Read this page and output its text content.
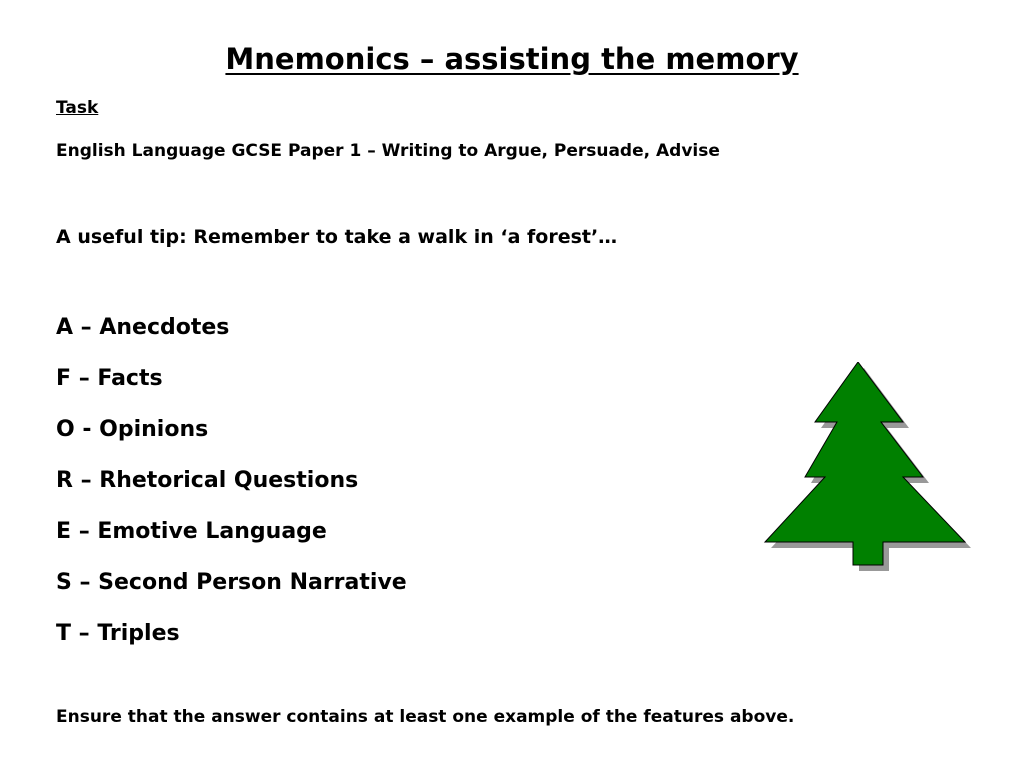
Mnemonics – assisting the memory
Task
English Language GCSE Paper 1 – Writing to Argue, Persuade, Advise
A useful tip: Remember to take a walk in ‘a forest’…
A – Anecdotes
F – Facts
O - Opinions
R – Rhetorical Questions
E – Emotive Language
S – Second Person Narrative
T – Triples
Ensure that the answer contains at least one example of the features above.
